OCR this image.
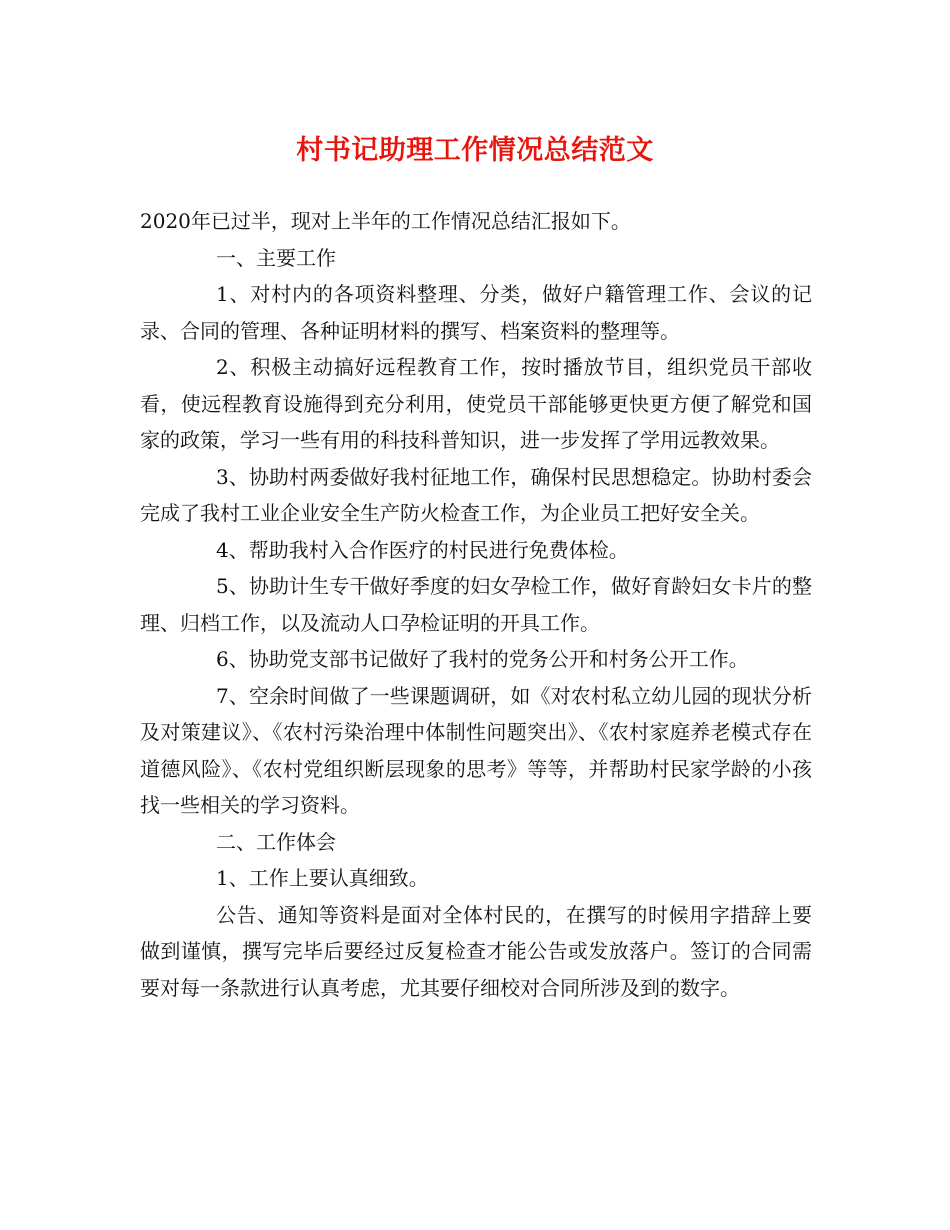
村书记助理工作情况总结范文

2020年已过半，现对上半年的工作情况总结汇报如下。

一、主要工作

1、对村内的各项资料整理、分类，做好户籍管理工作、会议的记录、合同的管理、各种证明材料的撰写、档案资料的整理等。

2、积极主动搞好远程教育工作，按时播放节目，组织党员干部收看，使远程教育设施得到充分利用，使党员干部能够更快更方便了解党和国家的政策，学习一些有用的科技科普知识，进一步发挥了学用远教效果。

3、协助村两委做好我村征地工作，确保村民思想稳定。协助村委会完成了我村工业企业安全生产防火检查工作，为企业员工把好安全关。

4、帮助我村入合作医疗的村民进行免费体检。

5、协助计生专干做好季度的妇女孕检工作，做好育龄妇女卡片的整理、归档工作，以及流动人口孕检证明的开具工作。

6、协助党支部书记做好了我村的党务公开和村务公开工作。

7、空余时间做了一些课题调研，如《对农村私立幼儿园的现状分析及对策建议》、《农村污染治理中体制性问题突出》、《农村家庭养老模式存在道德风险》、《农村党组织断层现象的思考》等等，并帮助村民家学龄的小孩找一些相关的学习资料。

二、工作体会

1、工作上要认真细致。

公告、通知等资料是面对全体村民的，在撰写的时候用字措辞上要做到谨慎，撰写完毕后要经过反复检查才能公告或发放落户。签订的合同需要对每一条款进行认真考虑，尤其要仔细校对合同所涉及到的数字。
